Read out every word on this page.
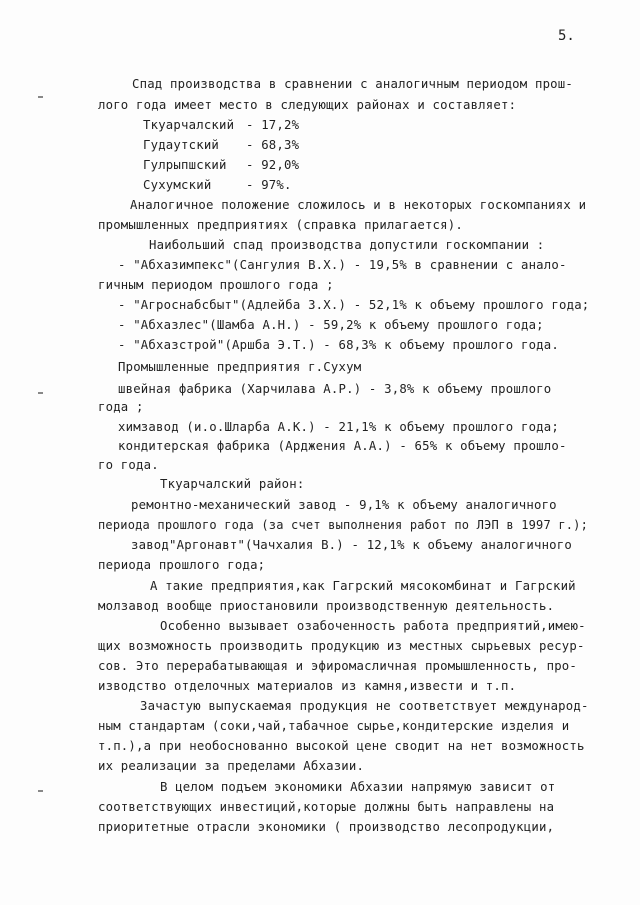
5.
Спад производства в сравнении с аналогичным периодом прош-
лого года имеет место в следующих районах и составляет:
Ткуарчалский - 17,2%
Гудаутский - 68,3%
Гулрыпшский - 92,0%
Сухумский	- 97%.
Аналогичное положение сложилось и в некоторых госкомпаниях и
промышленных предприятиях (справка прилагается).
Наибольший спад производства допустили госкомпании :
- "Абхазимпекс"(Сангулия В.Х.) - 19,5% в сравнении с анало-
гичным периодом прошлого года ;
- "Агроснабсбыт"(Адлейба З.Х.) - 52,1% к объему прошлого года;
- "Абхазлес"(Шамба А.Н.) - 59,2% к объему прошлого года;
- "Абхазстрой"(Аршба Э.Т.) - 68,3% к объему прошлого года.
Промышленные предприятия г.Сухум
швейная фабрика (Харчилава А.Р.) - 3,8% к объему прошлого
года ;
химзавод (и.о.Шларба А.К.) - 21,1% к объему прошлого года;
кондитерская фабрика (Арджения А.А.) - 65% к объему прошло-
го года.
Ткуарчалский район:
ремонтно-механический завод - 9,1% к объему аналогичного
периода прошлого года (за счет выполнения работ по ЛЭП в 1997 г.);
завод"Аргонавт"(Чачхалия В.) - 12,1% к объему аналогичного
периода прошлого года;
А такие предприятия,как Гагрский мясокомбинат и Гагрский
молзавод вообще приостановили производственную деятельность.
Особенно вызывает озабоченность работа предприятий,имею-
щих возможность производить продукцию из местных сырьевых ресур-
сов. Это перерабатывающая и эфиромасличная промышленность, про-
изводство отделочных материалов из камня,извести и т.п.
Зачастую выпускаемая продукция не соответствует международ-
ным стандартам (соки,чай,табачное сырье,кондитерские изделия и
т.п.),а при необоснованно высокой цене сводит на нет возможность
их реализации за пределами Абхазии.
В целом подъем экономики Абхазии напрямую зависит от
соответствующих инвестиций,которые должны быть направлены на
приоритетные отрасли экономики ( производство лесопродукции,
